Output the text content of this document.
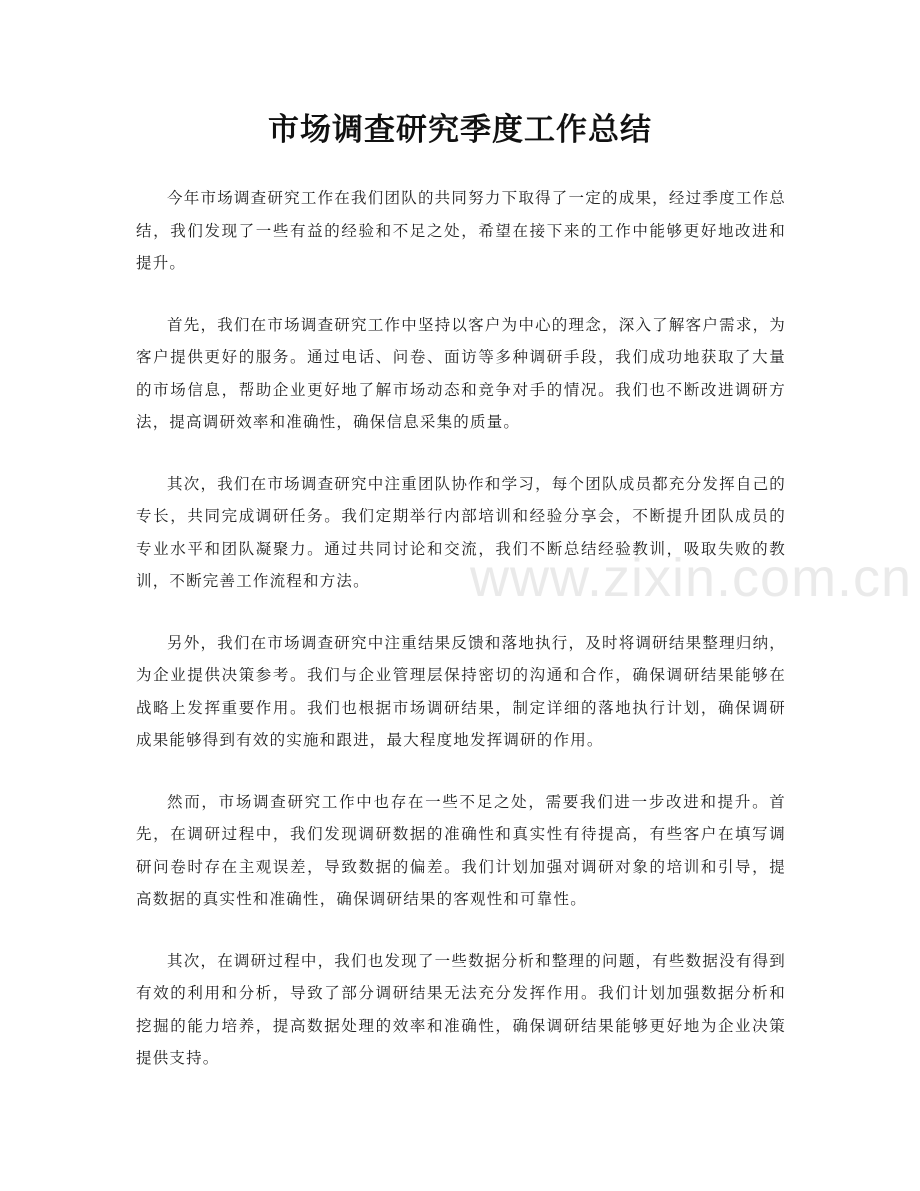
市场调查研究季度工作总结

今年市场调查研究工作在我们团队的共同努力下取得了一定的成果，经过季度工作总结，我们发现了一些有益的经验和不足之处，希望在接下来的工作中能够更好地改进和提升。

首先，我们在市场调查研究工作中坚持以客户为中心的理念，深入了解客户需求，为客户提供更好的服务。通过电话、问卷、面访等多种调研手段，我们成功地获取了大量的市场信息，帮助企业更好地了解市场动态和竞争对手的情况。我们也不断改进调研方法，提高调研效率和准确性，确保信息采集的质量。

其次，我们在市场调查研究中注重团队协作和学习，每个团队成员都充分发挥自己的专长，共同完成调研任务。我们定期举行内部培训和经验分享会，不断提升团队成员的专业水平和团队凝聚力。通过共同讨论和交流，我们不断总结经验教训，吸取失败的教训，不断完善工作流程和方法。

另外，我们在市场调查研究中注重结果反馈和落地执行，及时将调研结果整理归纳，为企业提供决策参考。我们与企业管理层保持密切的沟通和合作，确保调研结果能够在战略上发挥重要作用。我们也根据市场调研结果，制定详细的落地执行计划，确保调研成果能够得到有效的实施和跟进，最大程度地发挥调研的作用。

然而，市场调查研究工作中也存在一些不足之处，需要我们进一步改进和提升。首先，在调研过程中，我们发现调研数据的准确性和真实性有待提高，有些客户在填写调研问卷时存在主观误差，导致数据的偏差。我们计划加强对调研对象的培训和引导，提高数据的真实性和准确性，确保调研结果的客观性和可靠性。

其次，在调研过程中，我们也发现了一些数据分析和整理的问题，有些数据没有得到有效的利用和分析，导致了部分调研结果无法充分发挥作用。我们计划加强数据分析和挖掘的能力培养，提高数据处理的效率和准确性，确保调研结果能够更好地为企业决策提供支持。

www.zixin.com.cn
